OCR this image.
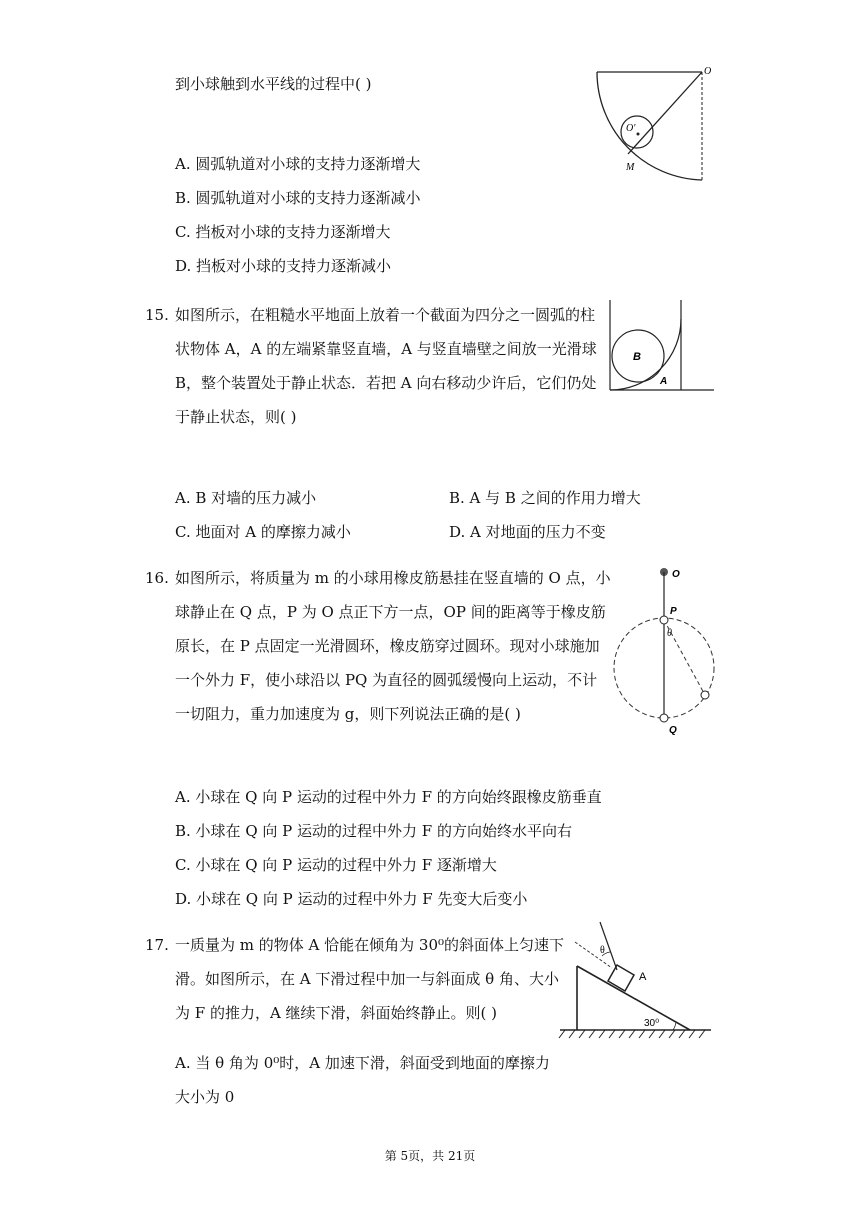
到小球触到水平线的过程中( )
O
O′
M
A. 圆弧轨道对小球的支持力逐渐增大
B. 圆弧轨道对小球的支持力逐渐减小
C. 挡板对小球的支持力逐渐增大
D. 挡板对小球的支持力逐渐减小
15. 如图所示，在粗糙水平地面上放着一个截面为四分之一圆弧的柱
状物体 A，A 的左端紧靠竖直墙，A 与竖直墙壁之间放一光滑球
B，整个装置处于静止状态．若把 A 向右移动少许后，它们仍处
于静止状态，则( )
B
A
A. B 对墙的压力减小	B. A 与 B 之间的作用力增大
C. 地面对 A 的摩擦力减小	D. A 对地面的压力不变
16. 如图所示，将质量为 m 的小球用橡皮筋悬挂在竖直墙的 O 点，小
球静止在 Q 点，P 为 O 点正下方一点，OP 间的距离等于橡皮筋
原长，在 P 点固定一光滑圆环，橡皮筋穿过圆环。现对小球施加
一个外力 F，使小球沿以 PQ 为直径的圆弧缓慢向上运动，不计
一切阻力，重力加速度为 g，则下列说法正确的是( )
O
P
θ
Q
A. 小球在 Q 向 P 运动的过程中外力 F 的方向始终跟橡皮筋垂直
B. 小球在 Q 向 P 运动的过程中外力 F 的方向始终水平向右
C. 小球在 Q 向 P 运动的过程中外力 F 逐渐增大
D. 小球在 Q 向 P 运动的过程中外力 F 先变大后变小
17. 一质量为 m 的物体 A 恰能在倾角为 30⁰的斜面体上匀速下
滑。如图所示，在 A 下滑过程中加一与斜面成 θ 角、大小
为 F 的推力，A 继续下滑，斜面始终静止。则( )
θ
A
30⁰
A. 当 θ 角为 0⁰时，A 加速下滑，斜面受到地面的摩擦力
大小为 0
第 5页，共 21页
